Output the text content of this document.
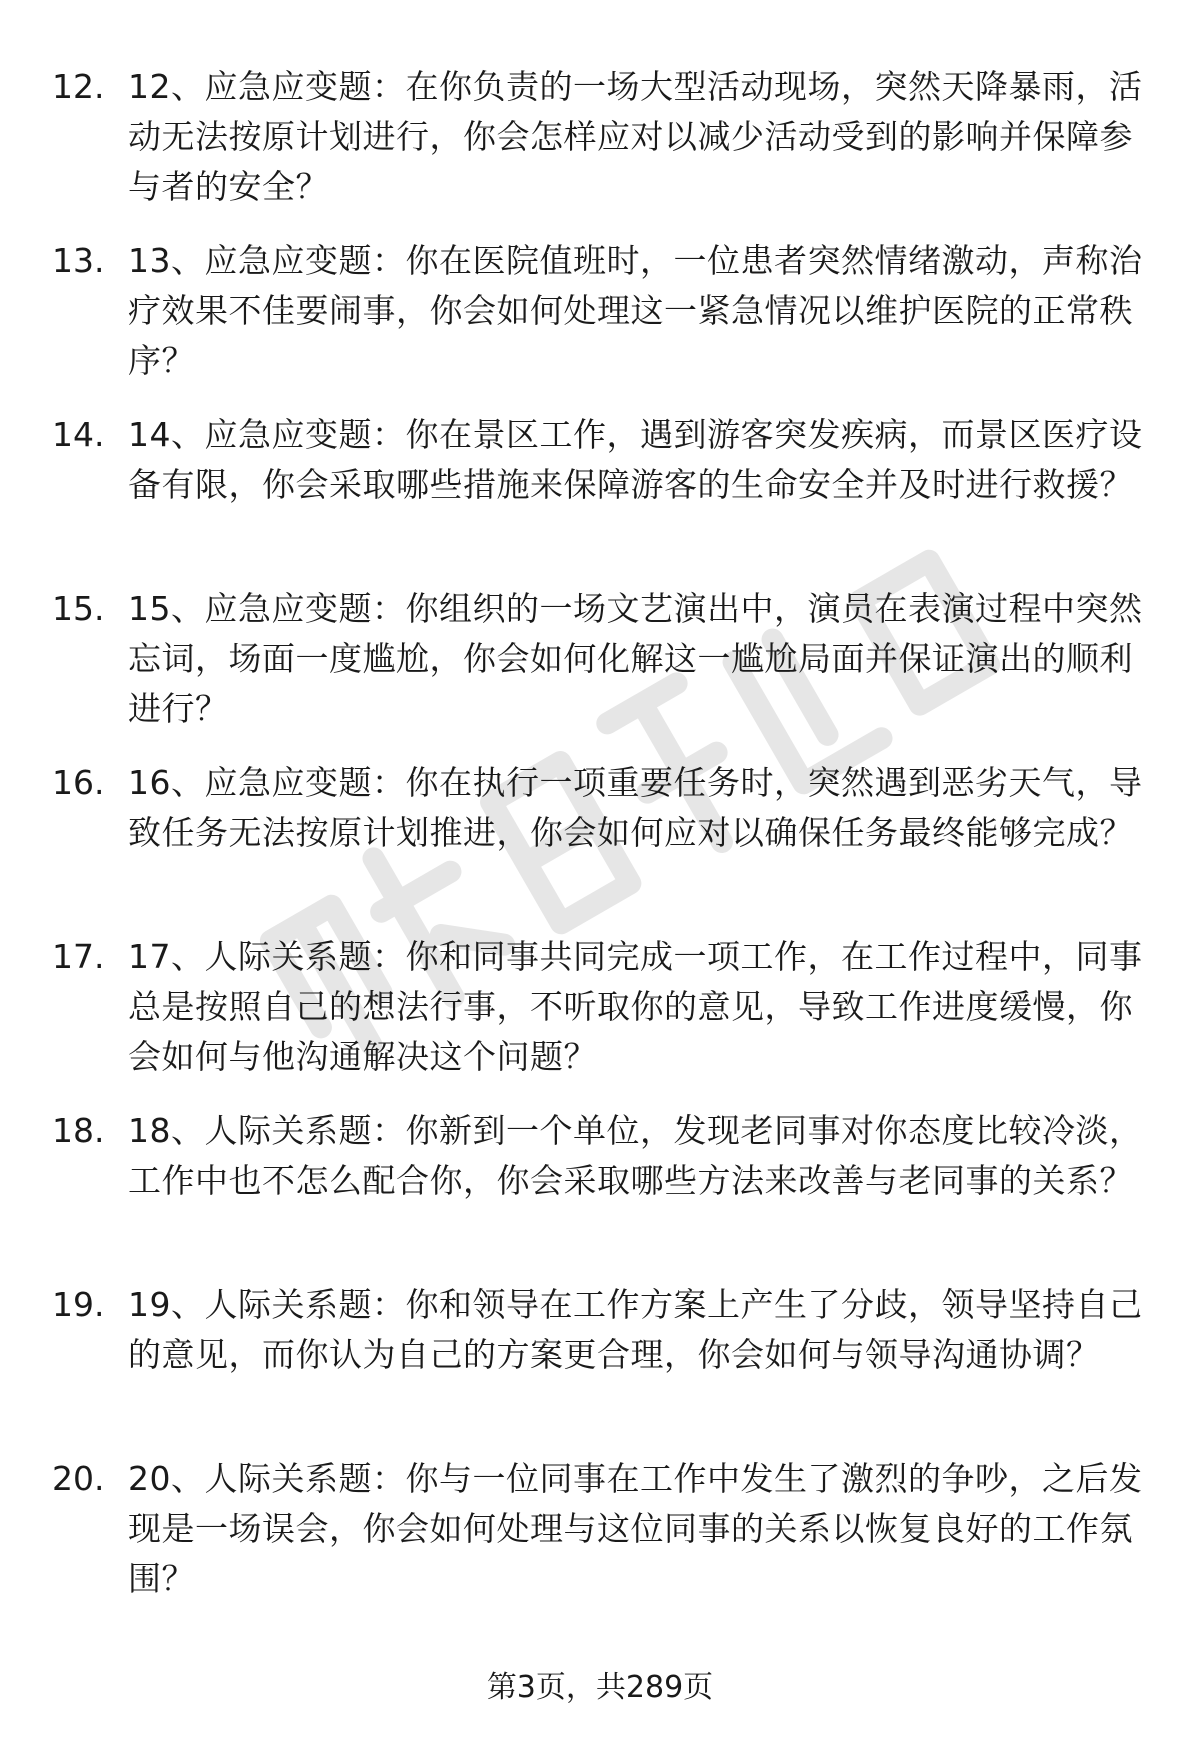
12. 12、应急应变题：在你负责的一场大型活动现场，突然天降暴雨，活动无法按原计划进行，你会怎样应对以减少活动受到的影响并保障参与者的安全？
13. 13、应急应变题：你在医院值班时，一位患者突然情绪激动，声称治疗效果不佳要闹事，你会如何处理这一紧急情况以维护医院的正常秩序？
14. 14、应急应变题：你在景区工作，遇到游客突发疾病，而景区医疗设备有限，你会采取哪些措施来保障游客的生命安全并及时进行救援？
15. 15、应急应变题：你组织的一场文艺演出中，演员在表演过程中突然忘词，场面一度尴尬，你会如何化解这一尴尬局面并保证演出的顺利进行？
16. 16、应急应变题：你在执行一项重要任务时，突然遇到恶劣天气，导致任务无法按原计划推进，你会如何应对以确保任务最终能够完成？
17. 17、人际关系题：你和同事共同完成一项工作，在工作过程中，同事总是按照自己的想法行事，不听取你的意见，导致工作进度缓慢，你会如何与他沟通解决这个问题？
18. 18、人际关系题：你新到一个单位，发现老同事对你态度比较冷淡，工作中也不怎么配合你，你会采取哪些方法来改善与老同事的关系？
19. 19、人际关系题：你和领导在工作方案上产生了分歧，领导坚持自己的意见，而你认为自己的方案更合理，你会如何与领导沟通协调？
20. 20、人际关系题：你与一位同事在工作中发生了激烈的争吵，之后发现是一场误会，你会如何处理与这位同事的关系以恢复良好的工作氛围？
第3页，共289页
